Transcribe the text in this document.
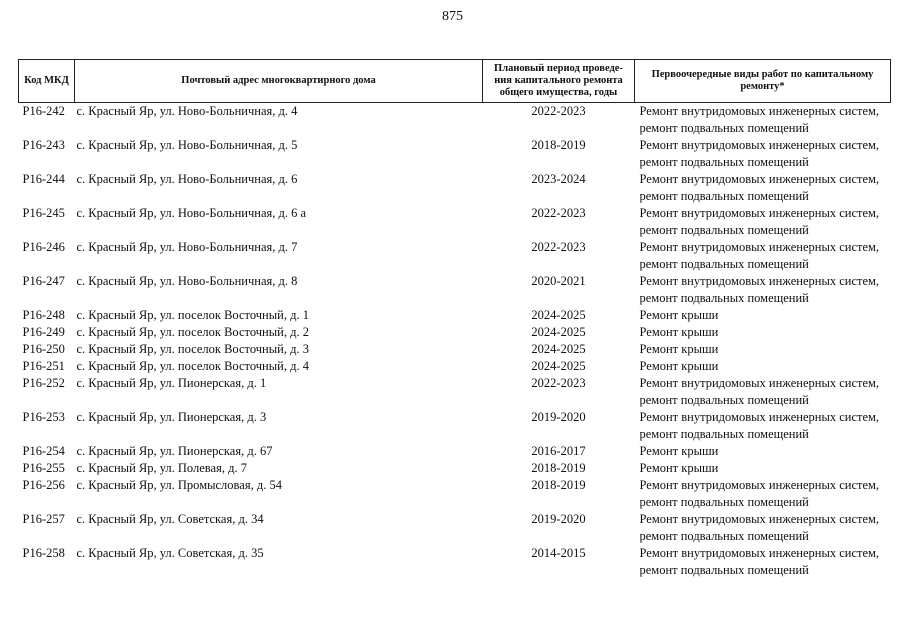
875
Код МКД	Почтовый адрес многоквартирного дома	Плановый период проведе-ния капитального ремонта общего имущества, годы	Первоочередные виды работ по капитальному ремонту*
Р16-242	с. Красный Яр, ул. Ново-Больничная, д. 4	2022-2023	Ремонт внутридомовых инженерных систем,
ремонт подвальных помещений

Р16-243	с. Красный Яр, ул. Ново-Больничная, д. 5	2018-2019	Ремонт внутридомовых инженерных систем,
ремонт подвальных помещений

Р16-244	с. Красный Яр, ул. Ново-Больничная, д. 6	2023-2024	Ремонт внутридомовых инженерных систем,
ремонт подвальных помещений

Р16-245	с. Красный Яр, ул. Ново-Больничная, д. 6 а	2022-2023	Ремонт внутридомовых инженерных систем,
ремонт подвальных помещений

Р16-246	с. Красный Яр, ул. Ново-Больничная, д. 7	2022-2023	Ремонт внутридомовых инженерных систем,
ремонт подвальных помещений

Р16-247	с. Красный Яр, ул. Ново-Больничная, д. 8	2020-2021	Ремонт внутридомовых инженерных систем,
ремонт подвальных помещений

Р16-248	с. Красный Яр, ул. поселок Восточный, д. 1	2024-2025	Ремонт крыши

Р16-249	с. Красный Яр, ул. поселок Восточный, д. 2	2024-2025	Ремонт крыши

Р16-250	с. Красный Яр, ул. поселок Восточный, д. 3	2024-2025	Ремонт крыши

Р16-251	с. Красный Яр, ул. поселок Восточный, д. 4	2024-2025	Ремонт крыши

Р16-252	с. Красный Яр, ул. Пионерская, д. 1	2022-2023	Ремонт внутридомовых инженерных систем,
ремонт подвальных помещений

Р16-253	с. Красный Яр, ул. Пионерская, д. 3	2019-2020	Ремонт внутридомовых инженерных систем,
ремонт подвальных помещений

Р16-254	с. Красный Яр, ул. Пионерская, д. 67	2016-2017	Ремонт крыши

Р16-255	с. Красный Яр, ул. Полевая, д. 7	2018-2019	Ремонт крыши

Р16-256	с. Красный Яр, ул. Промысловая, д. 54	2018-2019	Ремонт внутридомовых инженерных систем,
ремонт подвальных помещений

Р16-257	с. Красный Яр, ул. Советская, д. 34	2019-2020	Ремонт внутридомовых инженерных систем,
ремонт подвальных помещений

Р16-258	с. Красный Яр, ул. Советская, д. 35	2014-2015	Ремонт внутридомовых инженерных систем,
ремонт подвальных помещений
